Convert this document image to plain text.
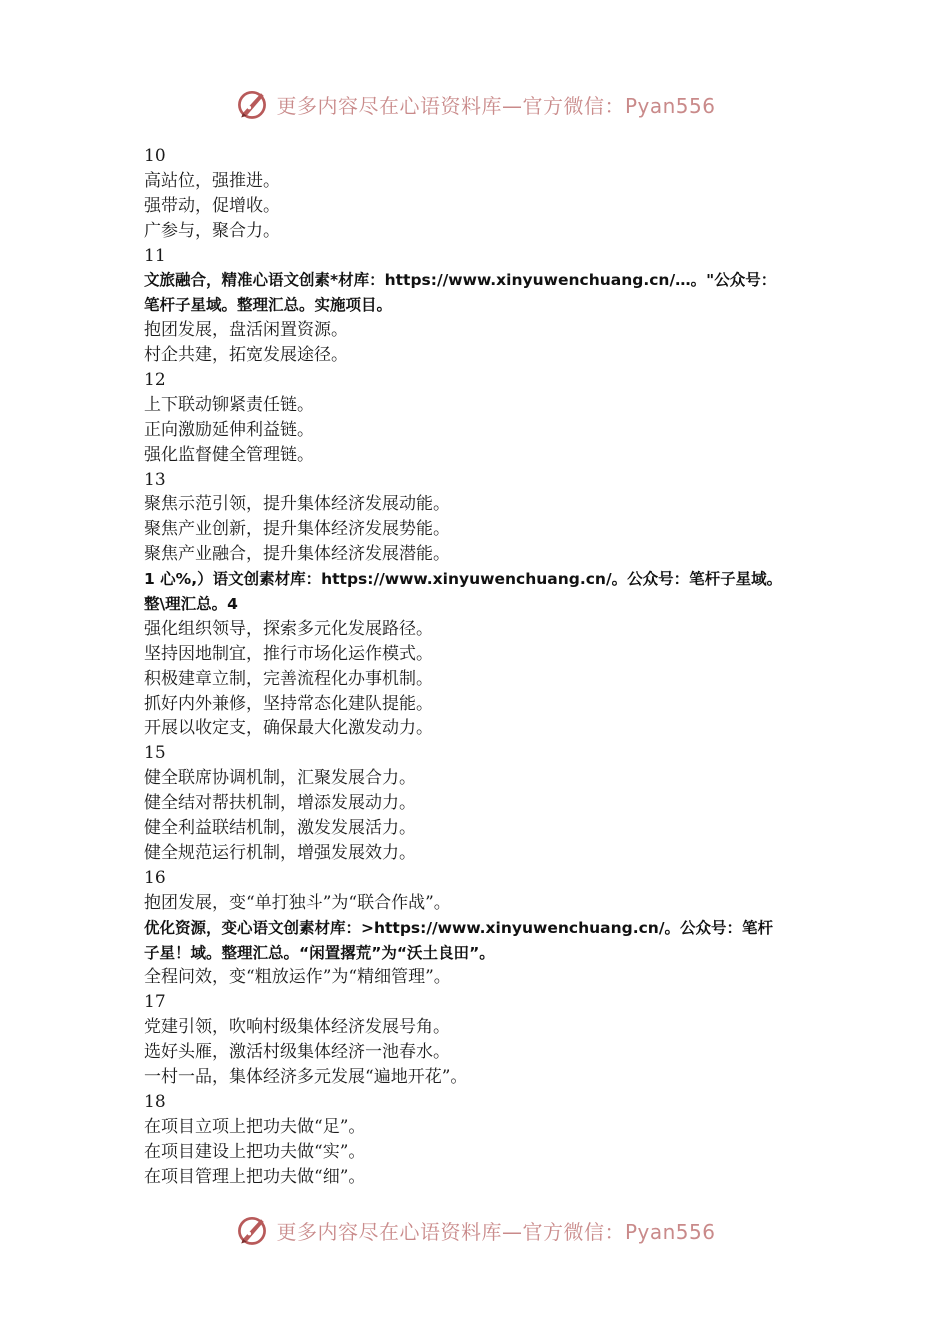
更多内容尽在心语资料库—官方微信：Pyan556
10
高站位，强推进。
强带动，促增收。
广参与，聚合力。
11
文旅融合，精准心语文创素*材库：https://www.xinyuwenchuang.cn/…。"公众号：
笔杆子星域。整理汇总。实施项目。
抱团发展，盘活闲置资源。
村企共建，拓宽发展途径。
12
上下联动铆紧责任链。
正向激励延伸利益链。
强化监督健全管理链。
13
聚焦示范引领，提升集体经济发展动能。
聚焦产业创新，提升集体经济发展势能。
聚焦产业融合，提升集体经济发展潜能。
1 心%,）语文创素材库：https://www.xinyuwenchuang.cn/。公众号：笔杆子星域。
整\理汇总。4
强化组织领导，探索多元化发展路径。
坚持因地制宜，推行市场化运作模式。
积极建章立制，完善流程化办事机制。
抓好内外兼修，坚持常态化建队提能。
开展以收定支，确保最大化激发动力。
15
健全联席协调机制，汇聚发展合力。
健全结对帮扶机制，增添发展动力。
健全利益联结机制，激发发展活力。
健全规范运行机制，增强发展效力。
16
抱团发展，变“单打独斗”为“联合作战”。
优化资源，变心语文创素材库：>https://www.xinyuwenchuang.cn/。公众号：笔杆
子星！域。整理汇总。“闲置撂荒”为“沃土良田”。
全程问效，变“粗放运作”为“精细管理”。
17
党建引领，吹响村级集体经济发展号角。
选好头雁，激活村级集体经济一池春水。
一村一品，集体经济多元发展“遍地开花”。
18
在项目立项上把功夫做“足”。
在项目建设上把功夫做“实”。
在项目管理上把功夫做“细”。
更多内容尽在心语资料库—官方微信：Pyan556
